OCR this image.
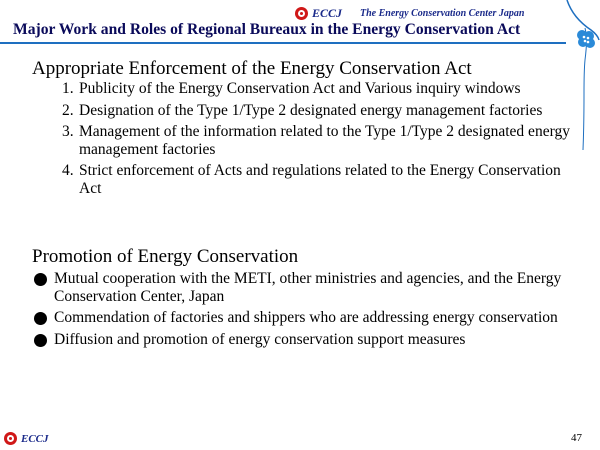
ECCJ The Energy Conservation Center Japan
Major Work and Roles of Regional Bureaux in the Energy Conservation Act
Appropriate Enforcement of the Energy Conservation Act
1. Publicity of the Energy Conservation Act and Various inquiry windows
2. Designation of the Type 1/Type 2 designated energy management factories
3. Management of the information related to the Type 1/Type 2 designated energy management factories
4. Strict enforcement of Acts and regulations related to the Energy Conservation Act
Promotion of Energy Conservation
Mutual cooperation with the METI, other ministries and agencies, and the Energy Conservation Center, Japan
Commendation of factories and shippers who are addressing energy conservation
Diffusion and promotion of energy conservation support measures
ECCJ	47
